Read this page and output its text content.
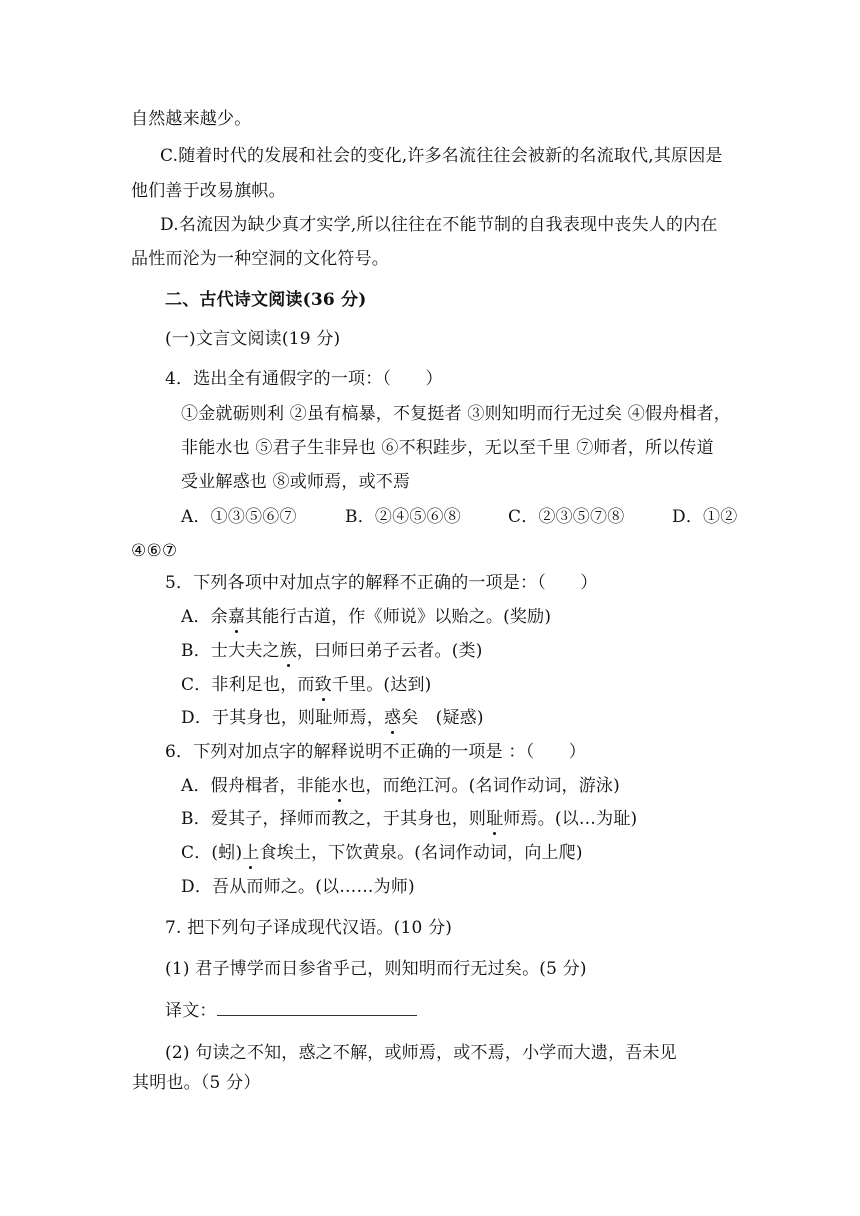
自然越来越少。
C.随着时代的发展和社会的变化,许多名流往往会被新的名流取代,其原因是
他们善于改易旗帜。
D.名流因为缺少真才实学,所以往往在不能节制的自我表现中丧失人的内在
品性而沦为一种空洞的文化符号。
二、古代诗文阅读(36 分)
(一)文言文阅读(19 分)
4．选出全有通假字的一项：（　　）
①金就砺则利 ②虽有槁暴，不复挺者 ③则知明而行无过矣 ④假舟楫者，
非能水也 ⑤君子生非异也 ⑥不积跬步，无以至千里 ⑦师者，所以传道
受业解惑也 ⑧或师焉，或不焉
A．①③⑤⑥⑦	B．②④⑤⑥⑧	C．②③⑤⑦⑧	D．①②
④⑥⑦
5．下列各项中对加点字的解释不正确的一项是：（　　）
A．余嘉其能行古道，作《师说》以贻之。(奖励)
B．士大夫之族，曰师曰弟子云者。(类)
C．非利足也，而致千里。(达到)
D．于其身也，则耻师焉，惑矣　(疑惑)
6．下列对加点字的解释说明不正确的一项是 ：（　　）
A．假舟楫者，非能水也，而绝江河。(名词作动词，游泳)
B．爱其子，择师而教之，于其身也，则耻师焉。(以…为耻)
C．(蚓)上食埃土，下饮黄泉。(名词作动词，向上爬)
D．吾从而师之。(以……为师)
7. 把下列句子译成现代汉语。(10 分)
(1) 君子博学而日参省乎己，则知明而行无过矣。(5 分)
译文：
(2) 句读之不知，惑之不解，或师焉，或不焉，小学而大遗，吾未见
其明也。（5 分）
